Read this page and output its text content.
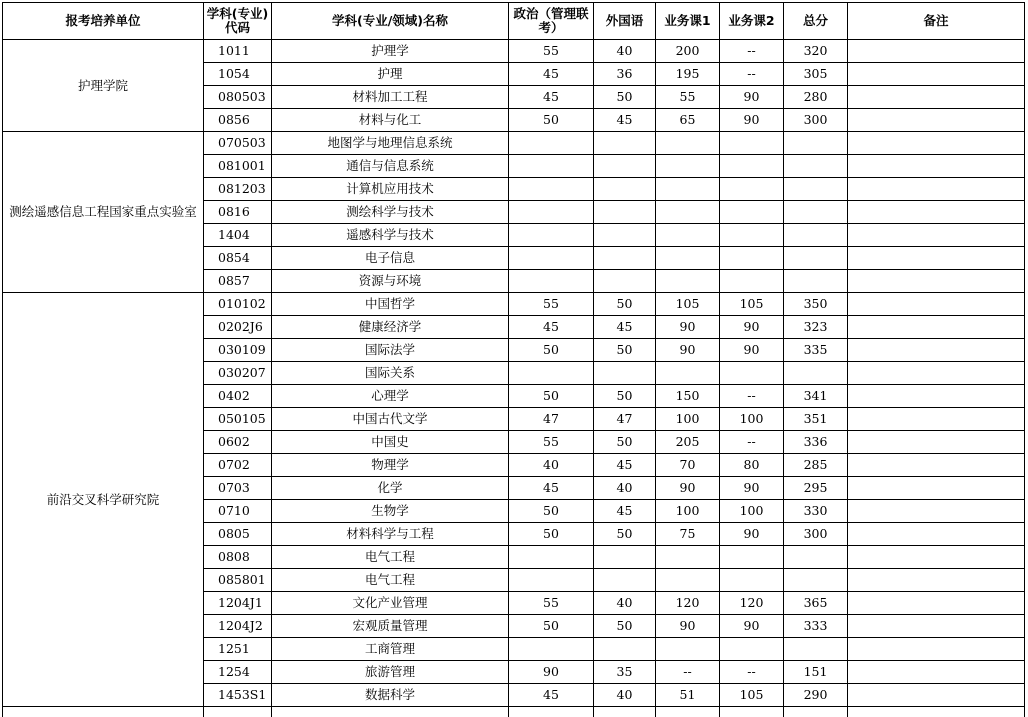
报考培养单位	学科(专业)代码	学科(专业/领域)名称	政治（管理联考）	外国语	业务课1	业务课2	总分	备注
护理学院	1011	护理学	55	40	200	--	320	
	1054	护理	45	36	195	--	305	
	080503	材料加工工程	45	50	55	90	280	
	0856	材料与化工	50	45	65	90	300	
测绘遥感信息工程国家重点实验室	070503	地图学与地理信息系统						
	081001	通信与信息系统						
	081203	计算机应用技术						
	0816	测绘科学与技术						
	1404	遥感科学与技术						
	0854	电子信息						
	0857	资源与环境						
前沿交叉科学研究院	010102	中国哲学	55	50	105	105	350	
	0202J6	健康经济学	45	45	90	90	323	
	030109	国际法学	50	50	90	90	335	
	030207	国际关系						
	0402	心理学	50	50	150	--	341	
	050105	中国古代文学	47	47	100	100	351	
	0602	中国史	55	50	205	--	336	
	0702	物理学	40	45	70	80	285	
	0703	化学	45	40	90	90	295	
	0710	生物学	50	45	100	100	330	
	0805	材料科学与工程	50	50	75	90	300	
	0808	电气工程						
	085801	电气工程						
	1204J1	文化产业管理	55	40	120	120	365	
	1204J2	宏观质量管理	50	50	90	90	333	
	1251	工商管理						
	1254	旅游管理	90	35	--	--	151	
	1453S1	数据科学	45	40	51	105	290	
